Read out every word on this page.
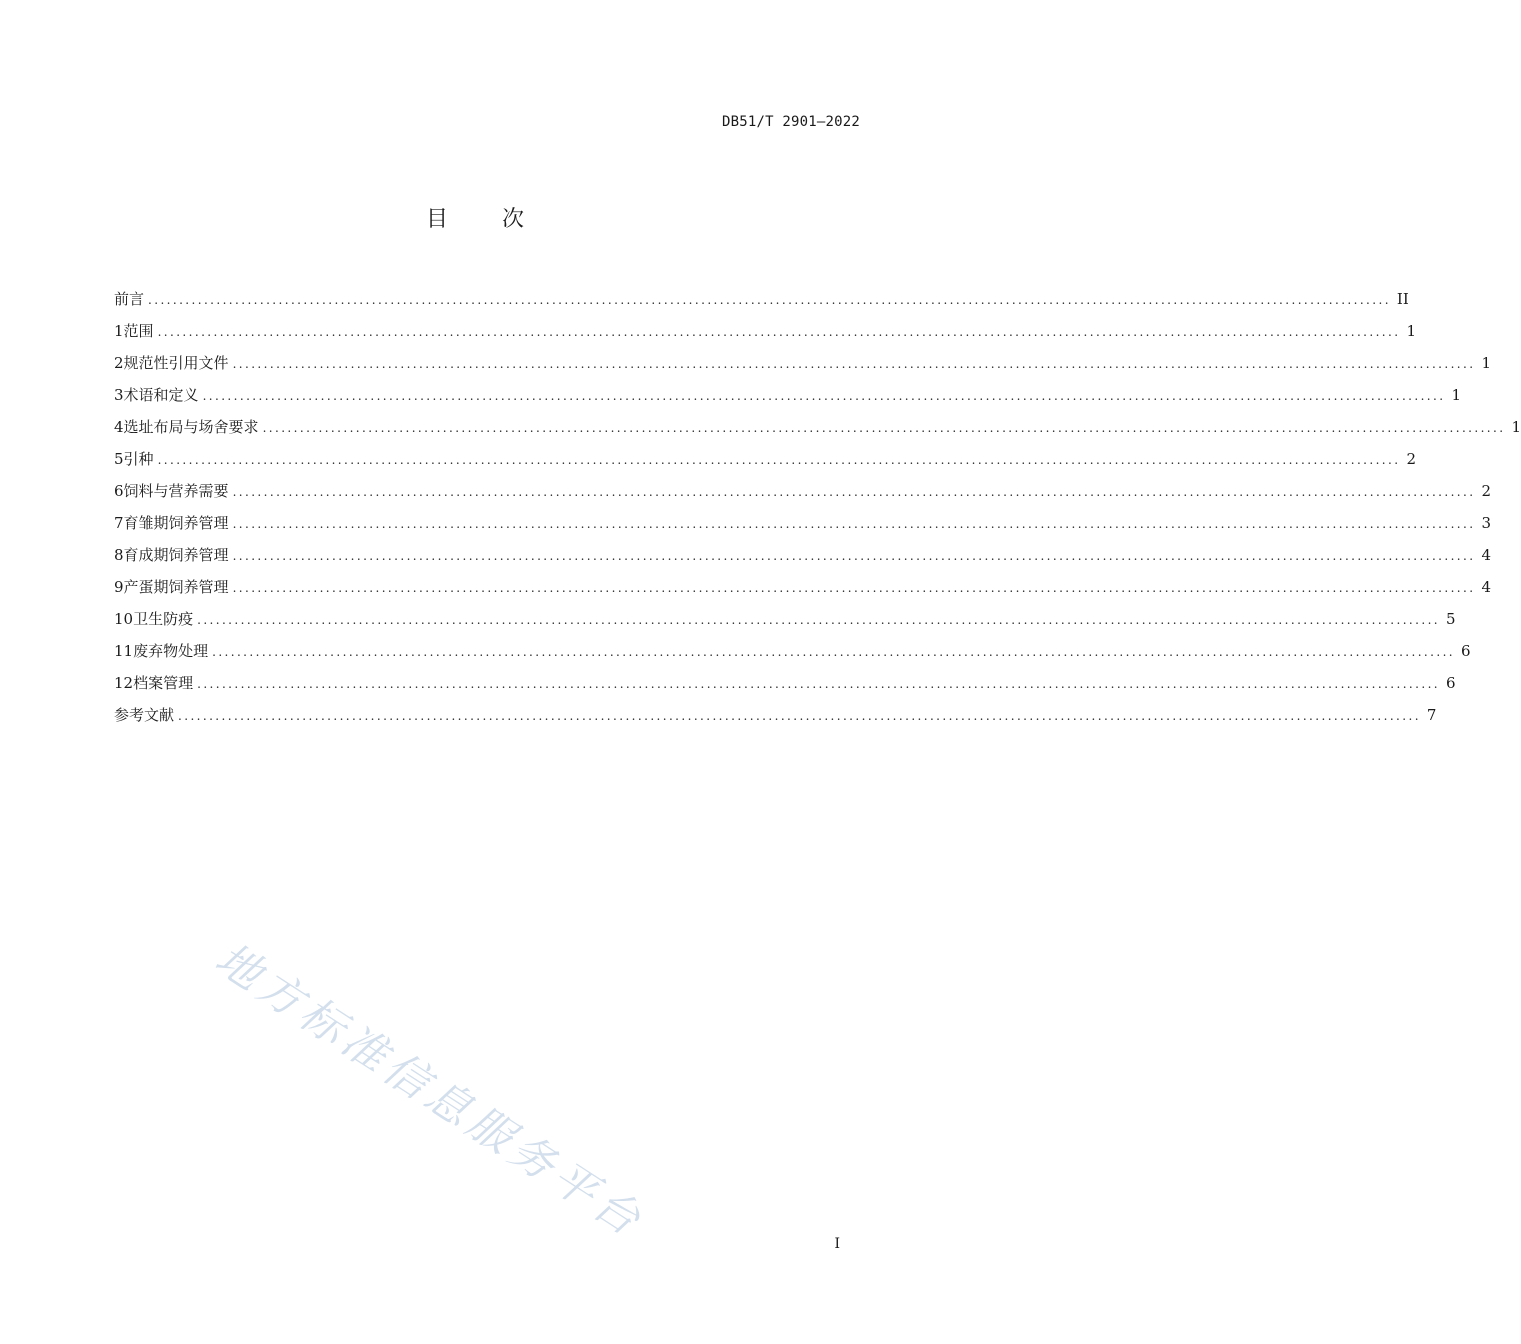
DB51/T 2901—2022
目 次
前言 ........................................................................................................................................................................................................ II
1 范围 ........................................................................................................................................................................................................ 1
2 规范性引用文件 ........................................................................................................................................................................................................ 1
3 术语和定义 ........................................................................................................................................................................................................ 1
4 选址布局与场舍要求 ........................................................................................................................................................................................................ 1
5 引种 ........................................................................................................................................................................................................ 2
6 饲料与营养需要 ........................................................................................................................................................................................................ 2
7 育雏期饲养管理 ........................................................................................................................................................................................................ 3
8 育成期饲养管理 ........................................................................................................................................................................................................ 4
9 产蛋期饲养管理 ........................................................................................................................................................................................................ 4
10 卫生防疫 ........................................................................................................................................................................................................ 5
11 废弃物处理 ........................................................................................................................................................................................................ 6
12 档案管理 ........................................................................................................................................................................................................ 6
参考文献 ........................................................................................................................................................................................................ 7
地方标准信息服务平台	I
